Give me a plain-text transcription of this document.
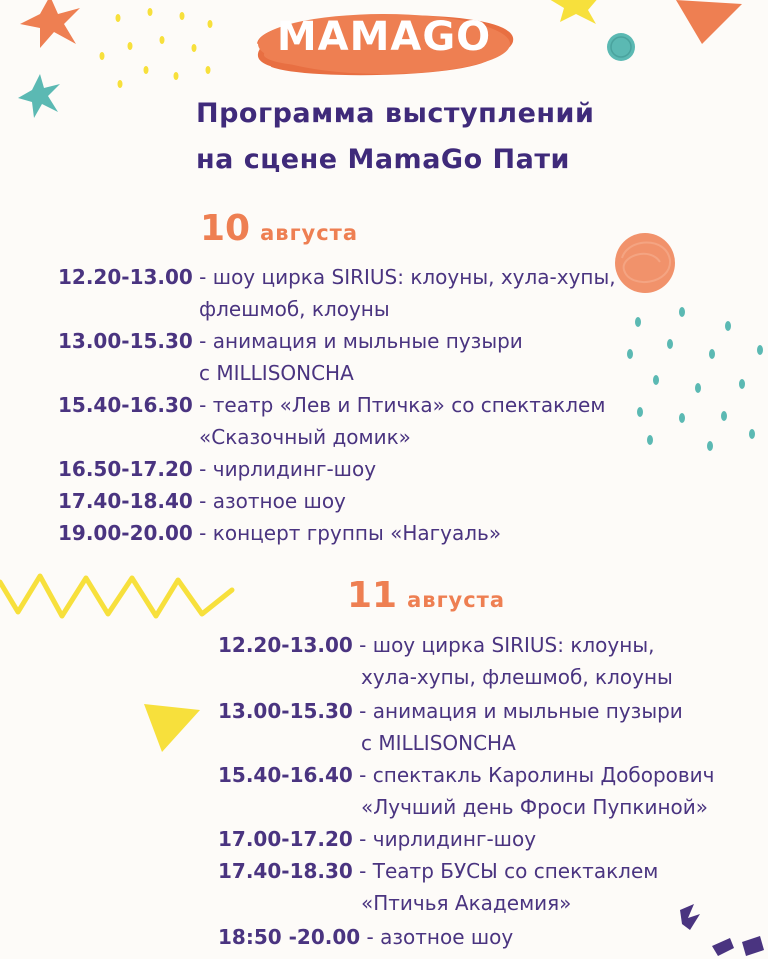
MAMAGO
Программа выступлений
на сцене MamaGo Пати
10 августа
12.20-13.00 - шоу цирка SIRIUS: клоуны, хула-хупы,
флешмоб, клоуны
13.00-15.30 - анимация и мыльные пузыри
с MILLISONCHA
15.40-16.30 - театр «Лев и Птичка» со спектаклем
«Сказочный домик»
16.50-17.20 - чирлидинг-шоу
17.40-18.40 - азотное шоу
19.00-20.00 - концерт группы «Нагуаль»
11 августа
12.20-13.00 - шоу цирка SIRIUS: клоуны,
хула-хупы, флешмоб, клоуны
13.00-15.30 - анимация и мыльные пузыри
с MILLISONCHA
15.40-16.40 - спектакль Каролины Доборович
«Лучший день Фроси Пупкиной»
17.00-17.20 - чирлидинг-шоу
17.40-18.30 - Театр БУСЫ со спектаклем
«Птичья Академия»
18:50 -20.00 - азотное шоу
